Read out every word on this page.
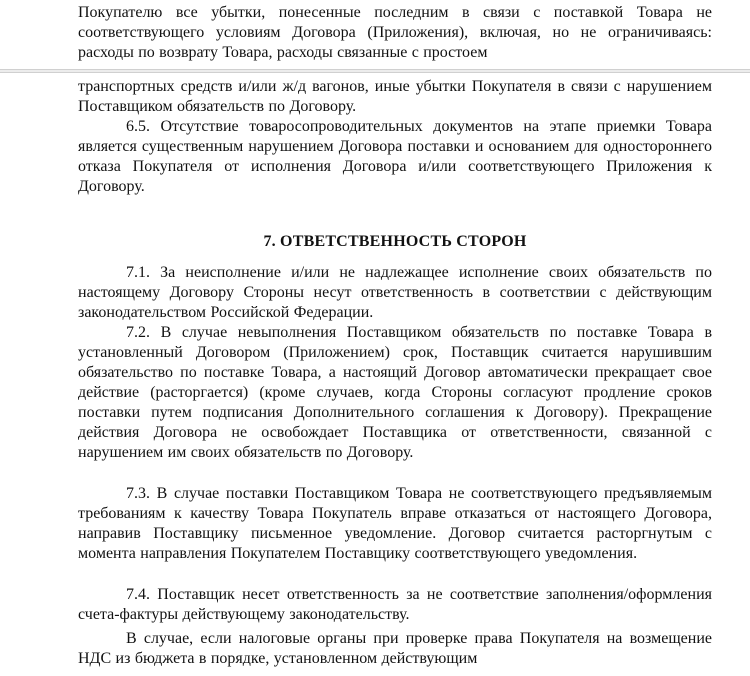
Покупателю все убытки, понесенные последним в связи с поставкой Товара не соответствующего условиям Договора (Приложения), включая, но не ограничиваясь: расходы по возврату Товара, расходы связанные с простоем

транспортных средств и/или ж/д вагонов, иные убытки Покупателя в связи с нарушением Поставщиком обязательств по Договору.

6.5. Отсутствие товаросопроводительных документов на этапе приемки Товара является существенным нарушением Договора поставки и основанием для одностороннего отказа Покупателя от исполнения Договора и/или соответствующего Приложения к Договору.

7. ОТВЕТСТВЕННОСТЬ СТОРОН

7.1. За неисполнение и/или не надлежащее исполнение своих обязательств по настоящему Договору Стороны несут ответственность в соответствии с действующим законодательством Российской Федерации.

7.2. В случае невыполнения Поставщиком обязательств по поставке Товара в установленный Договором (Приложением) срок, Поставщик считается нарушившим обязательство по поставке Товара, а настоящий Договор автоматически прекращает свое действие (расторгается) (кроме случаев, когда Стороны согласуют продление сроков поставки путем подписания Дополнительного соглашения к Договору). Прекращение действия Договора не освобождает Поставщика от ответственности, связанной с нарушением им своих обязательств по Договору.

7.3. В случае поставки Поставщиком Товара не соответствующего предъявляемым требованиям к качеству Товара Покупатель вправе отказаться от настоящего Договора, направив Поставщику письменное уведомление. Договор считается расторгнутым с момента направления Покупателем Поставщику соответствующего уведомления.

7.4. Поставщик несет ответственность за не соответствие заполнения/оформления счета-фактуры действующему законодательству.

В случае, если налоговые органы при проверке права Покупателя на возмещение НДС из бюджета в порядке, установленном действующим
